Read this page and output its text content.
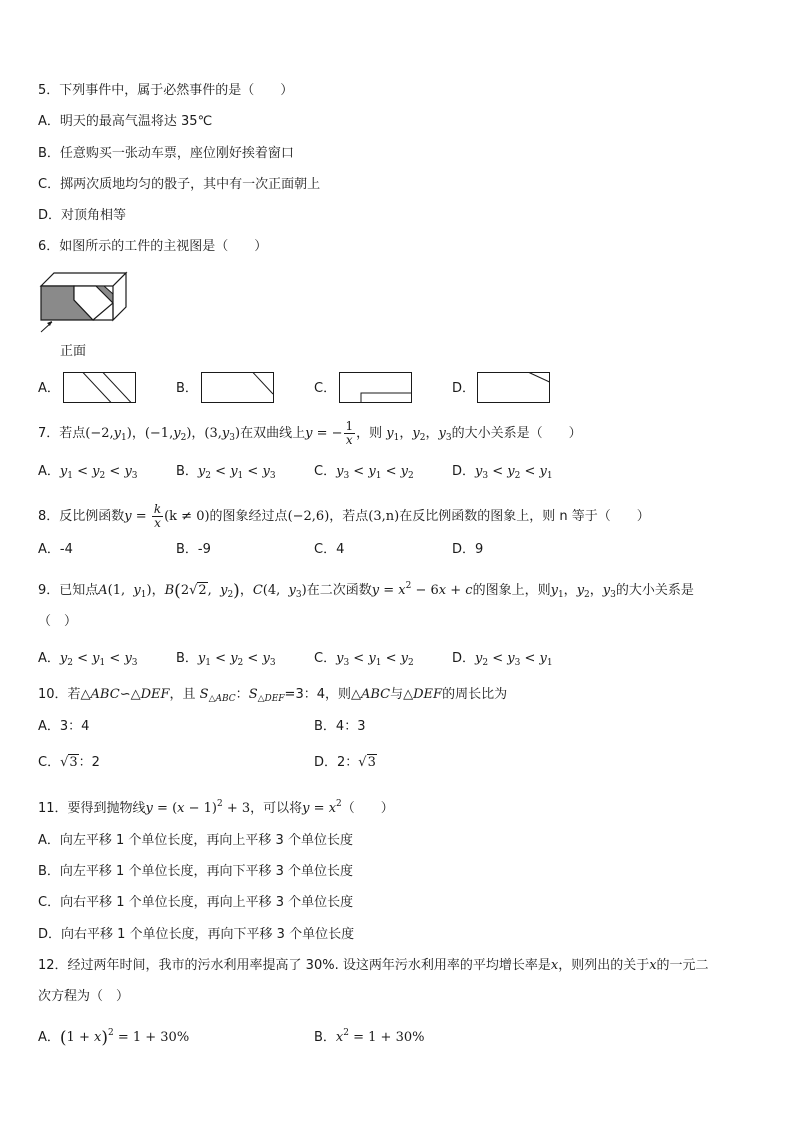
5．下列事件中，属于必然事件的是（　　）
A．明天的最高气温将达 35℃
B．任意购买一张动车票，座位刚好挨着窗口
C．掷两次质地均匀的骰子，其中有一次正面朝上
D．对顶角相等
6．如图所示的工件的主视图是（　　）
正面
A．	B．	C．	D．
7．若点$(-2,y_1)$，$(-1,y_2)$，$(3,y_3)$在双曲线上y = − $\frac{1}{x}$ ，则 $y_1$，$y_2$，$y_3$的大小关系是（　　）
A．$y_1 < y_2 < y_3$	B．$y_2 < y_1 < y_3$	C．$y_3 < y_1 < y_2$	D．$y_3 < y_2 < y_1$
8．反比例函数$y = \frac{k}{x} (k \ne 0)$的图象经过点(−2,6)，若点(3,n)在反比例函数的图象上，则 n 等于（　　）
A．-4	B．-9	C．4	D．9
9．已知点A(1,  $y_1$)，B(2√2,  $y_2$)，C(4,  $y_3$)在二次函数$y = x^2 - 6x + c$的图象上，则$y_1$，$y_2$，$y_3$的大小关系是
（　）
A．$y_2 < y_1 < y_3$	B．$y_1 < y_2 < y_3$	C．$y_3 < y_1 < y_2$	D．$y_2 < y_3 < y_1$
10．若△ABC∽△DEF，且 $S_{\triangle ABC}$：$S_{\triangle DEF}=3$：4，则△ABC与△DEF的周长比为
A．3：4	B．4：3
C．√3：2	D．2：√3
11．要得到抛物线$y = (x - 1)^2 + 3$，可以将$y = x^2$（　　）
A．向左平移 1 个单位长度，再向上平移 3 个单位长度
B．向左平移 1 个单位长度，再向下平移 3 个单位长度
C．向右平移 1 个单位长度，再向上平移 3 个单位长度
D．向右平移 1 个单位长度，再向下平移 3 个单位长度
12．经过两年时间，我市的污水利用率提高了 30%. 设这两年污水利用率的平均增长率是x，则列出的关于x的一元二
次方程为（　）
A．$(1 + x)^2 = 1 + 30\%$	B．$x^2 = 1 + 30\%$
